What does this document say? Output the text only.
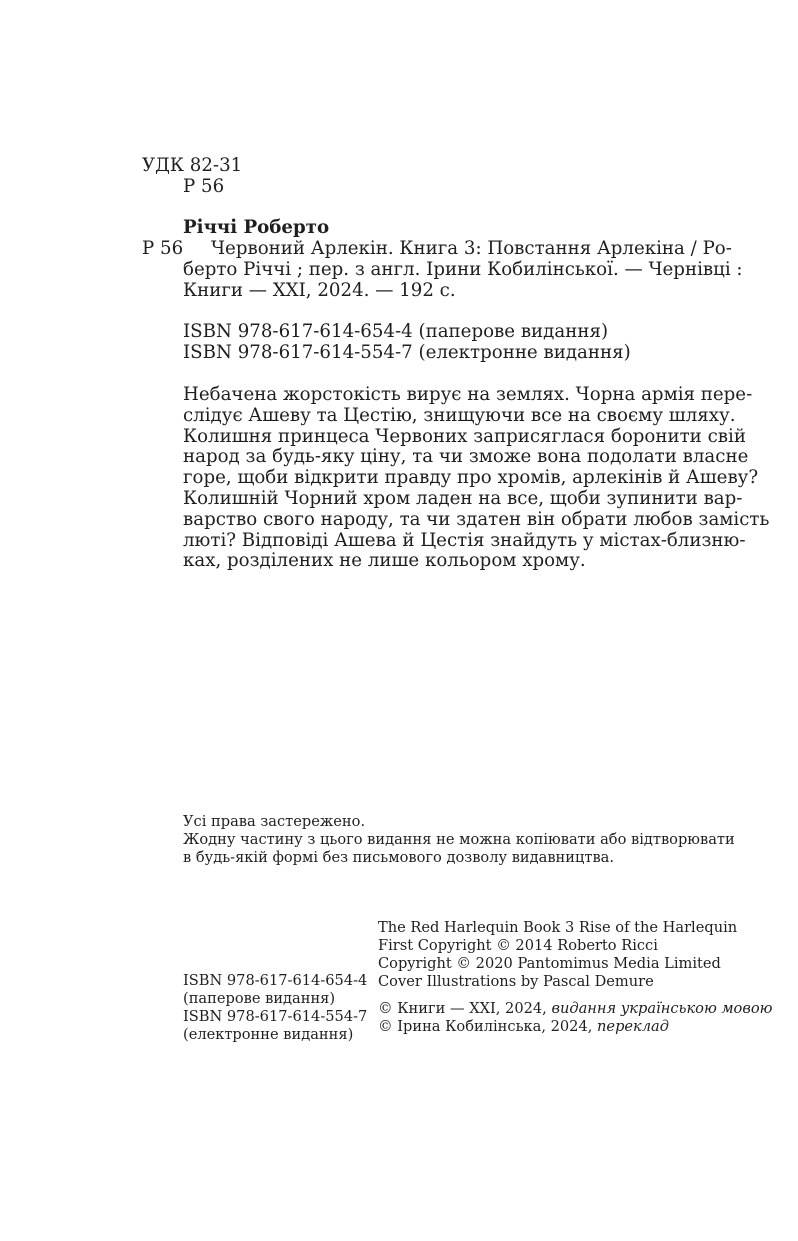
УДК 82-31

Р 56

Річчі Роберто

Р 56	Червоний Арлекін. Книга 3: Повстання Арлекіна / Ро-
берто Річчі ; пер. з англ. Ірини Кобилінської. — Чернівці :
Книги — ХХІ, 2024. — 192 с.
ISBN 978-617-614-654-4 (паперове видання)
ISBN 978-617-614-554-7 (електронне видання)
Небачена жорстокість вирує на землях. Чорна армія пере-
слідує Ашеву та Цестію, знищуючи все на своєму шляху.
Колишня принцеса Червоних заприсяглася боронити свій
народ за будь-яку ціну, та чи зможе вона подолати власне
горе, щоби відкрити правду про хромів, арлекінів й Ашеву?
Колишній Чорний хром ладен на все, щоби зупинити вар-
варство свого народу, та чи здатен він обрати любов замість
люті? Відповіді Ашева й Цестія знайдуть у містах-близню-
ках, розділених не лише кольором хрому.
Усі права застережено.
Жодну частину з цього видання не можна копіювати або відтворювати
в будь-якій формі без письмового дозволу видавництва.
ISBN 978-617-614-654-4
(паперове видання)
ISBN 978-617-614-554-7
(електронне видання)
The Red Harlequin Book 3 Rise of the Harlequin
First Copyright © 2014 Roberto Ricci
Copyright © 2020 Pantomimus Media Limited
Cover Illustrations by Pascal Demure
© Книги — ХХІ, 2024, видання українською мовою
© Ірина Кобилінська, 2024, переклад
